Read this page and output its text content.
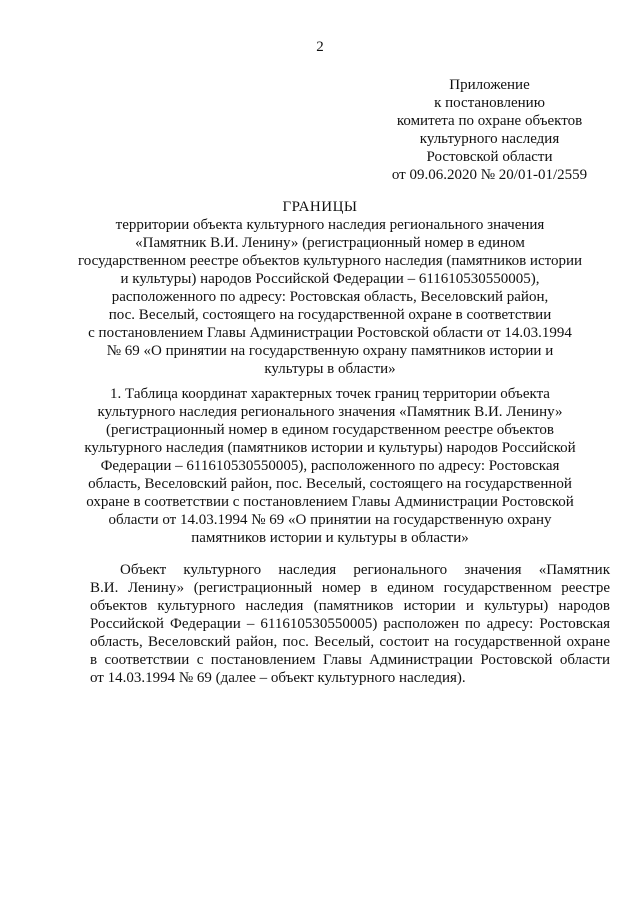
2
Приложение
к постановлению
комитета по охране объектов
культурного наследия
Ростовской области
от 09.06.2020 № 20/01-01/2559
ГРАНИЦЫ
территории объекта культурного наследия регионального значения
«Памятник В.И. Ленину» (регистрационный номер в едином
государственном реестре объектов культурного наследия (памятников истории
и культуры) народов Российской Федерации – 611610530550005),
расположенного по адресу: Ростовская область, Веселовский район,
пос. Веселый, состоящего на государственной охране в соответствии
с постановлением Главы Администрации Ростовской области от 14.03.1994
№ 69 «О принятии на государственную охрану памятников истории и
культуры в области»
1. Таблица координат характерных точек границ территории объекта
культурного наследия регионального значения «Памятник В.И. Ленину»
(регистрационный номер в едином государственном реестре объектов
культурного наследия (памятников истории и культуры) народов Российской
Федерации – 611610530550005), расположенного по адресу: Ростовская
область, Веселовский район, пос. Веселый, состоящего на государственной
охране в соответствии с постановлением Главы Администрации Ростовской
области от 14.03.1994 № 69 «О принятии на государственную охрану
памятников истории и культуры в области»
Объект культурного наследия регионального значения «Памятник
В.И. Ленину» (регистрационный номер в едином государственном реестре
объектов культурного наследия (памятников истории и культуры) народов
Российской Федерации – 611610530550005) расположен по адресу: Ростовская
область, Веселовский район, пос. Веселый, состоит на государственной охране
в соответствии с постановлением Главы Администрации Ростовской области
от 14.03.1994 № 69 (далее – объект культурного наследия).
